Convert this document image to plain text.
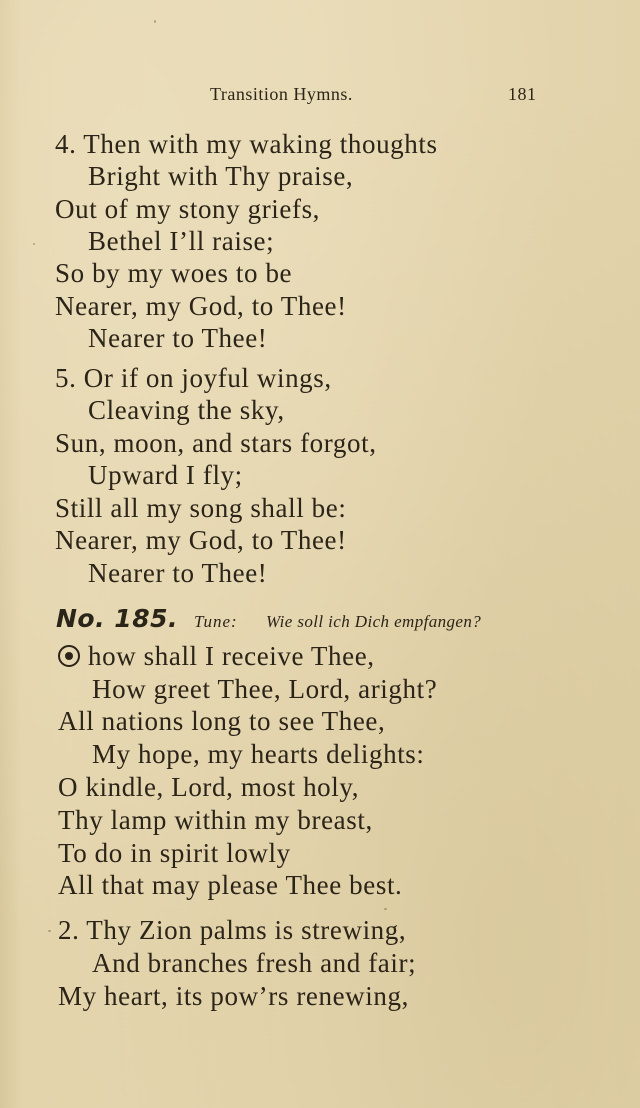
Transition Hymns.	181
4. Then with my waking thoughts
Bright with Thy praise,
Out of my stony griefs,
Bethel I’ll raise;
So by my woes to be
Nearer, my God, to Thee!
Nearer to Thee!
5. Or if on joyful wings,
Cleaving the sky,
Sun, moon, and stars forgot,
Upward I fly;
Still all my song shall be:
Nearer, my God, to Thee!
Nearer to Thee!
No. 185. Tune: Wie soll ich Dich empfangen?
how shall I receive Thee,
How greet Thee, Lord, aright?
All nations long to see Thee,
My hope, my hearts delights:
O kindle, Lord, most holy,
Thy lamp within my breast,
To do in spirit lowly
All that may please Thee best.
2. Thy Zion palms is strewing,
And branches fresh and fair;
My heart, its pow’rs renewing,
